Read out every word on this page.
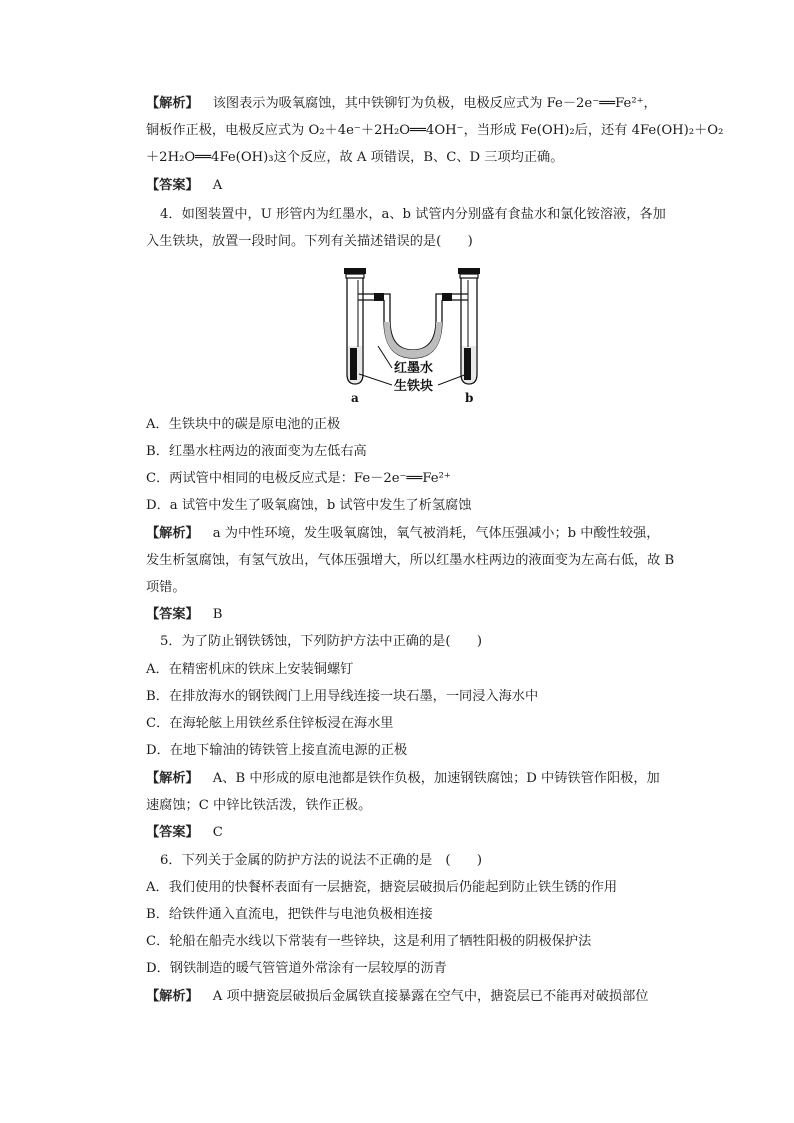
【解析】 该图表示为吸氧腐蚀，其中铁铆钉为负极，电极反应式为 Fe－2e⁻══Fe²⁺，
铜板作正极，电极反应式为 O₂＋4e⁻＋2H₂O══4OH⁻，当形成 Fe(OH)₂后，还有 4Fe(OH)₂＋O₂
＋2H₂O══4Fe(OH)₃这个反应，故 A 项错误，B、C、D 三项均正确。
【答案】 A
4．如图装置中，U 形管内为红墨水，a、b 试管内分别盛有食盐水和氯化铵溶液，各加
入生铁块，放置一段时间。下列有关描述错误的是(　　)
红墨水
生铁块
a	b
A．生铁块中的碳是原电池的正极
B．红墨水柱两边的液面变为左低右高
C．两试管中相同的电极反应式是：Fe－2e⁻══Fe²⁺
D．a 试管中发生了吸氧腐蚀，b 试管中发生了析氢腐蚀
【解析】 a 为中性环境，发生吸氧腐蚀，氧气被消耗，气体压强减小；b 中酸性较强，
发生析氢腐蚀，有氢气放出，气体压强增大，所以红墨水柱两边的液面变为左高右低，故 B
项错。
【答案】 B
5．为了防止钢铁锈蚀，下列防护方法中正确的是(　　)
A．在精密机床的铁床上安装铜螺钉
B．在排放海水的钢铁阀门上用导线连接一块石墨，一同浸入海水中
C．在海轮舷上用铁丝系住锌板浸在海水里
D．在地下输油的铸铁管上接直流电源的正极
【解析】 A、B 中形成的原电池都是铁作负极，加速钢铁腐蚀；D 中铸铁管作阳极，加
速腐蚀；C 中锌比铁活泼，铁作正极。
【答案】 C
6．下列关于金属的防护方法的说法不正确的是　(　　)
A．我们使用的快餐杯表面有一层搪瓷，搪瓷层破损后仍能起到防止铁生锈的作用
B．给铁件通入直流电，把铁件与电池负极相连接
C．轮船在船壳水线以下常装有一些锌块，这是利用了牺牲阳极的阴极保护法
D．钢铁制造的暖气管管道外常涂有一层较厚的沥青
【解析】 A 项中搪瓷层破损后金属铁直接暴露在空气中，搪瓷层已不能再对破损部位
